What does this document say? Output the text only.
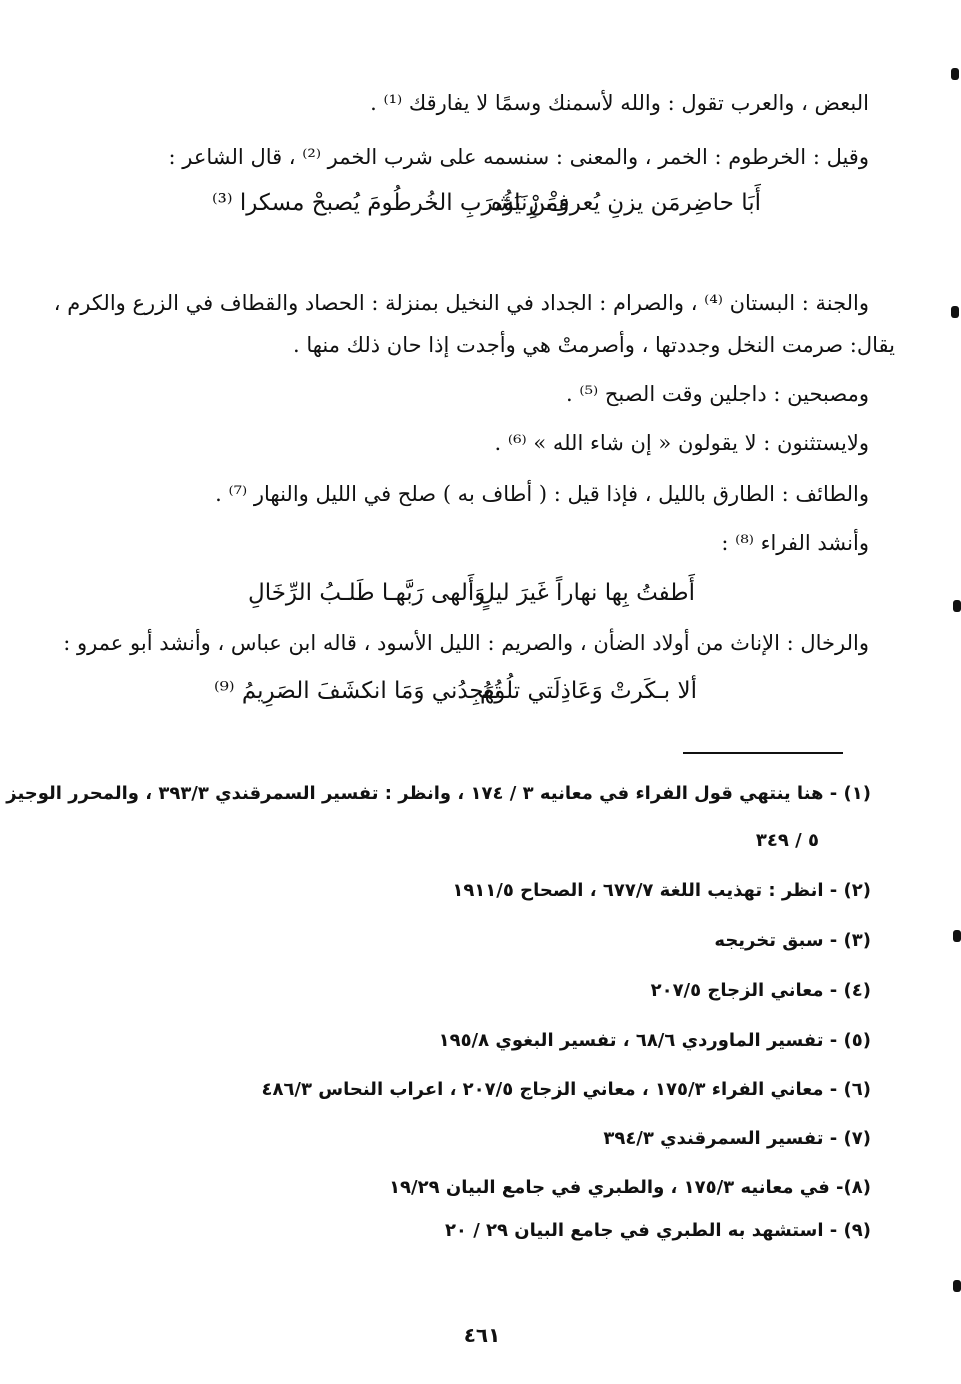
البعض ، والعرب تقول : والله لأسمنك وسمًا لا يفارقك ⁽¹⁾ .
وقيل : الخرطوم : الخمر ، والمعنى : سنسمه على شرب الخمر ⁽²⁾ ، قال الشاعر :
أَبَا حاضِرمَن يزنِ يُعرفْ زِنَاؤُه
وَمَنْ يَشرَبِ الخُرطُومَ يُصبحْ مسكرا ⁽³⁾
والجنة : البستان ⁽⁴⁾ ، والصرام : الجداد في النخيل بمنزلة : الحصاد والقطاف في الزرع والكرم ،
يقال: صرمت النخل وجددتها ، وأصرمتْ هي وأجدت إذا حان ذلك منها .
ومصبحين : داجلين وقت الصبح ⁽⁵⁾ .
ولايستثنون : لا يقولون « إن شاء الله » ⁽⁶⁾ .
والطائف : الطارق بالليل ، فإذا قيل : ( أطاف به ) صلح في الليل والنهار ⁽⁷⁾ .
وأنشد الفراء ⁽⁸⁾ :
أَطفتُ بِها نهاراً غَيرَ ليلٍ
وَأَلهى رَبَّهـا طَلـبُ الرِّخَالِ
والرخال : الإناث من أولاد الضأن ، والصريم : الليل الأسود ، قاله ابن عباس ، وأنشد أبو عمرو :
ألا بـكَرتْ وَعَاذِلَتي تلُومُ
تُهَجِدُني وَمَا انكشَفَ الصَرِيمُ ⁽⁹⁾
(١) - هنا ينتهي قول الفراء في معانيه ٣ / ١٧٤ ، وانظر : تفسير السمرقندي ٣٩٣/٣ ، والمحرر الوجيز
٥ / ٣٤٩
(٢) - انظر : تهذيب اللغة ٦٧٧/٧ ، الصحاح ١٩١١/٥
(٣) - سبق تخريجه
(٤) - معاني الزجاج ٢٠٧/٥
(٥) - تفسير الماوردي ٦٨/٦ ، تفسير البغوي ١٩٥/٨
(٦) - معاني الفراء ١٧٥/٣ ، معاني الزجاج ٢٠٧/٥ ، اعراب النحاس ٤٨٦/٣
(٧) - تفسير السمرقندي ٣٩٤/٣
(٨)- في معانيه ١٧٥/٣ ، والطبري في جامع البيان ١٩/٢٩
(٩) - استشهد به الطبري في جامع البيان ٢٩ / ٢٠
٤٦١
